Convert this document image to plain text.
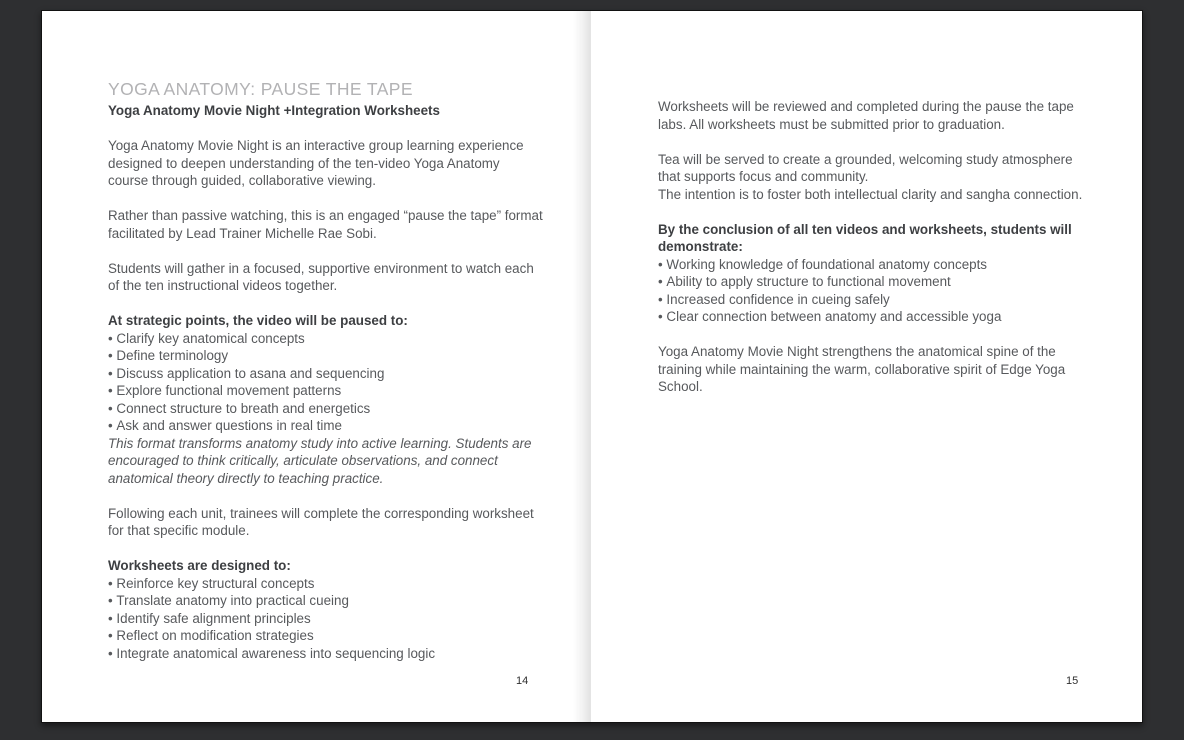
YOGA ANATOMY: PAUSE THE TAPE
Yoga Anatomy Movie Night +Integration Worksheets
Yoga Anatomy Movie Night is an interactive group learning experience
designed to deepen understanding of the ten-video Yoga Anatomy
course through guided, collaborative viewing.
Rather than passive watching, this is an engaged “pause the tape” format
facilitated by Lead Trainer Michelle Rae Sobi.
Students will gather in a focused, supportive environment to watch each
of the ten instructional videos together.
At strategic points, the video will be paused to:
• Clarify key anatomical concepts
• Define terminology
• Discuss application to asana and sequencing
• Explore functional movement patterns
• Connect structure to breath and energetics
• Ask and answer questions in real time
This format transforms anatomy study into active learning. Students are
encouraged to think critically, articulate observations, and connect
anatomical theory directly to teaching practice.
Following each unit, trainees will complete the corresponding worksheet
for that specific module.
Worksheets are designed to:
• Reinforce key structural concepts
• Translate anatomy into practical cueing
• Identify safe alignment principles
• Reflect on modification strategies
• Integrate anatomical awareness into sequencing logic
Worksheets will be reviewed and completed during the pause the tape
labs. All worksheets must be submitted prior to graduation.
Tea will be served to create a grounded, welcoming study atmosphere
that supports focus and community.
The intention is to foster both intellectual clarity and sangha connection.
By the conclusion of all ten videos and worksheets, students will
demonstrate:
• Working knowledge of foundational anatomy concepts
• Ability to apply structure to functional movement
• Increased confidence in cueing safely
• Clear connection between anatomy and accessible yoga
Yoga Anatomy Movie Night strengthens the anatomical spine of the
training while maintaining the warm, collaborative spirit of Edge Yoga
School.
14	15
